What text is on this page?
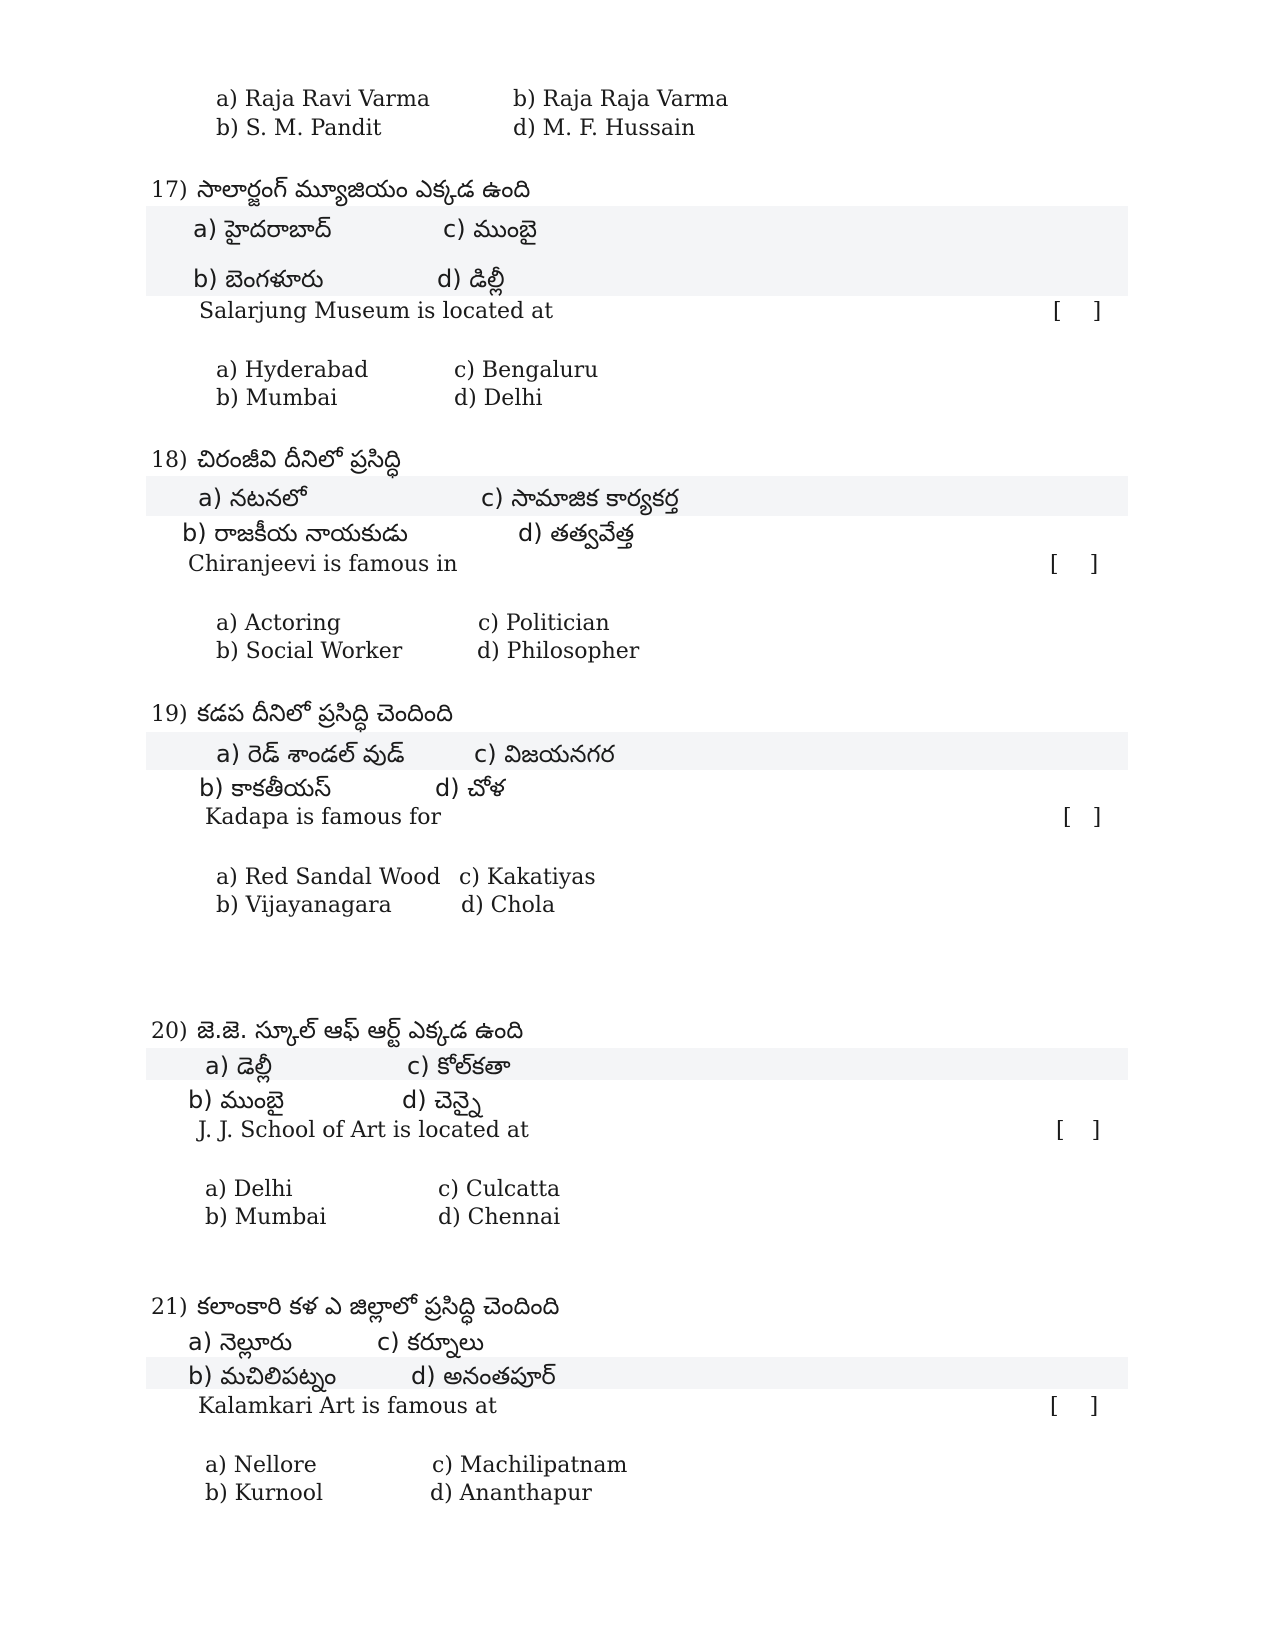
a) Raja Ravi Varma	b) Raja Raja Varma
b) S. M. Pandit	d) M. F. Hussain
17) సాలార్జంగ్ మ్యూజియం ఎక్కడ ఉంది
a) హైదరాబాద్	c) ముంబై
b) బెంగళూరు	d) డిల్లీ
Salarjung Museum is located at	[ ]
a) Hyderabad	c) Bengaluru
b) Mumbai	d) Delhi
18) చిరంజీవి దీనిలో ప్రసిద్ధి
a) నటనలో	c) సామాజిక కార్యకర్త
b) రాజకీయ నాయకుడు	d) తత్వవేత్త
Chiranjeevi is famous in	[ ]
a) Actoring	c) Politician
b) Social Worker	d) Philosopher
19) కడప దీనిలో ప్రసిద్ధి చెందింది
a) రెడ్ శాండల్ వుడ్	c) విజయనగర
b) కాకతీయస్	d) చోళ
Kadapa is famous for	[ ]
a) Red Sandal Wood c) Kakatiyas
b) Vijayanagara	d) Chola
20) జె.జె. స్కూల్ ఆఫ్ ఆర్ట్ ఎక్కడ ఉంది
a) డెల్లీ	c) కోల్‌కతా
b) ముంబై	d) చెన్నై
J. J. School of Art is located at	[ ]
a) Delhi	c) Culcatta
b) Mumbai	d) Chennai
21) కలాంకారి కళ ఎ జిల్లాలో ప్రసిద్ధి చెందింది
a) నెల్లూరు	c) కర్నూలు
b) మచిలిపట్నం	d) అనంతపూర్
Kalamkari Art is famous at	[ ]
a) Nellore	c) Machilipatnam
b) Kurnool	d) Ananthapur
